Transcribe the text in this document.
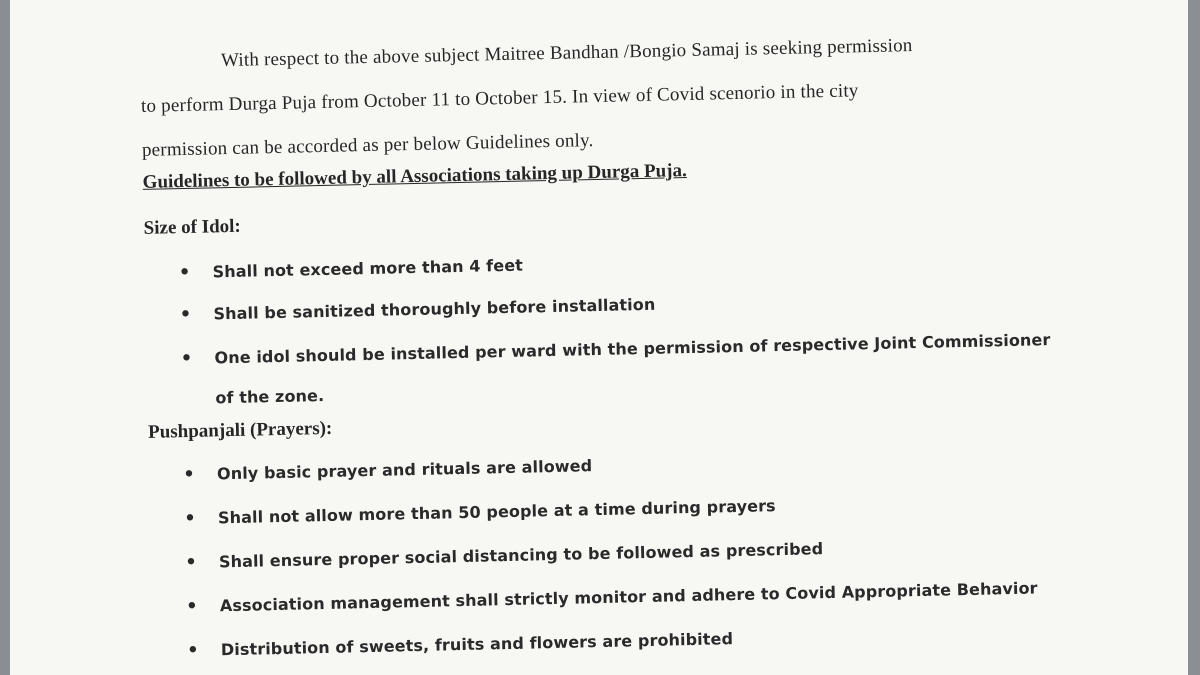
With respect to the above subject Maitree Bandhan /Bongio Samaj is seeking permission
to perform Durga Puja from October 11 to October 15. In view of Covid scenorio in the city
permission can be accorded as per below Guidelines only.
Guidelines to be followed by all Associations taking up Durga Puja.
Size of Idol:
• Shall not exceed more than 4 feet
• Shall be sanitized thoroughly before installation
• One idol should be installed per ward with the permission of respective Joint Commissioner of the zone.
Pushpanjali (Prayers):
• Only basic prayer and rituals are allowed
• Shall not allow more than 50 people at a time during prayers
• Shall ensure proper social distancing to be followed as prescribed
• Association management shall strictly monitor and adhere to Covid Appropriate Behavior
• Distribution of sweets, fruits and flowers are prohibited
